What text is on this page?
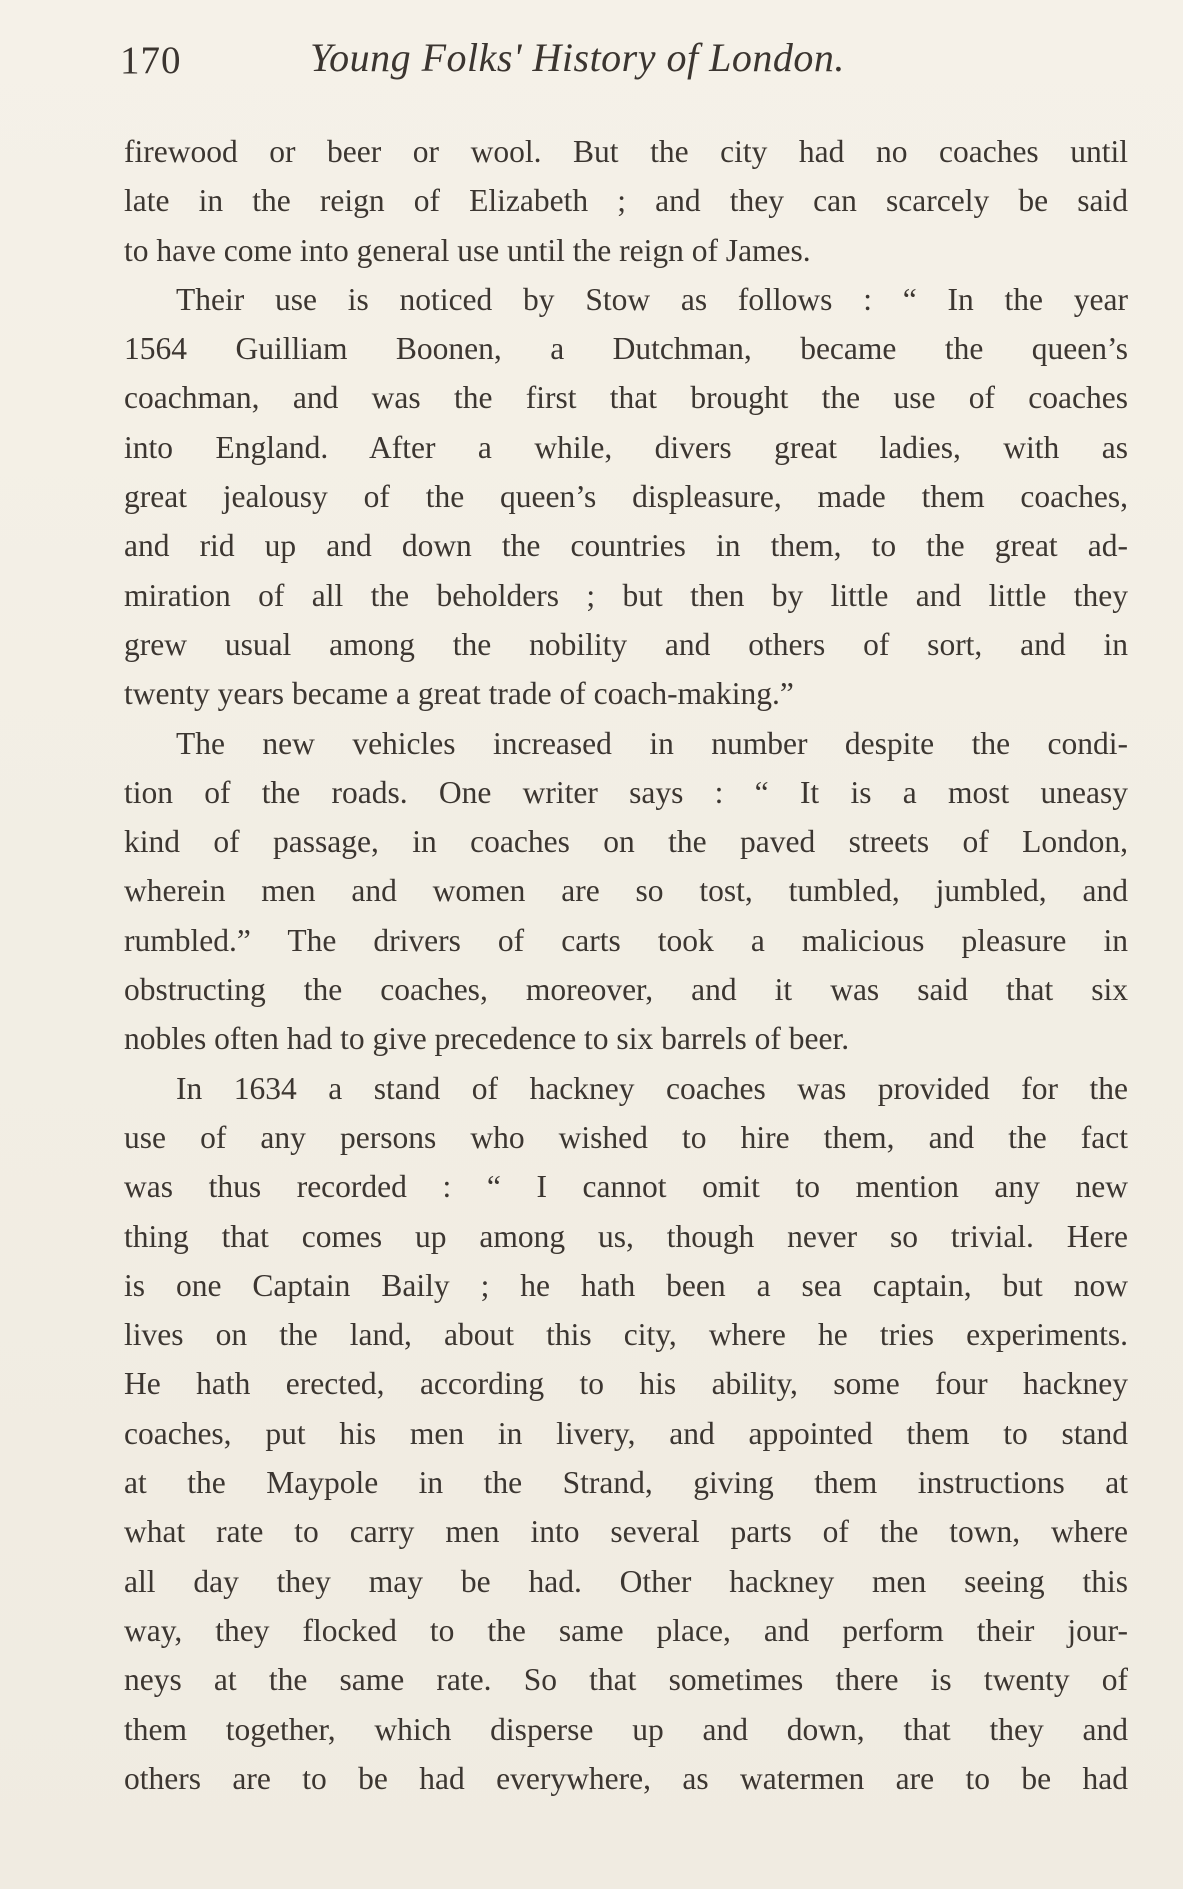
170	Young Folks' History of London.
firewood or beer or wool. But the city had no coaches until
late in the reign of Elizabeth ; and they can scarcely be said
to have come into general use until the reign of James.
Their use is noticed by Stow as follows : “ In the year
1564 Guilliam Boonen, a Dutchman, became the queen’s
coachman, and was the first that brought the use of coaches
into England. After a while, divers great ladies, with as
great jealousy of the queen’s displeasure, made them coaches,
and rid up and down the countries in them, to the great ad-
miration of all the beholders ; but then by little and little they
grew usual among the nobility and others of sort, and in
twenty years became a great trade of coach-making.”
The new vehicles increased in number despite the condi-
tion of the roads. One writer says : “ It is a most uneasy
kind of passage, in coaches on the paved streets of London,
wherein men and women are so tost, tumbled, jumbled, and
rumbled.” The drivers of carts took a malicious pleasure in
obstructing the coaches, moreover, and it was said that six
nobles often had to give precedence to six barrels of beer.
In 1634 a stand of hackney coaches was provided for the
use of any persons who wished to hire them, and the fact
was thus recorded : “ I cannot omit to mention any new
thing that comes up among us, though never so trivial. Here
is one Captain Baily ; he hath been a sea captain, but now
lives on the land, about this city, where he tries experiments.
He hath erected, according to his ability, some four hackney
coaches, put his men in livery, and appointed them to stand
at the Maypole in the Strand, giving them instructions at
what rate to carry men into several parts of the town, where
all day they may be had. Other hackney men seeing this
way, they flocked to the same place, and perform their jour-
neys at the same rate. So that sometimes there is twenty of
them together, which disperse up and down, that they and
others are to be had everywhere, as watermen are to be had
